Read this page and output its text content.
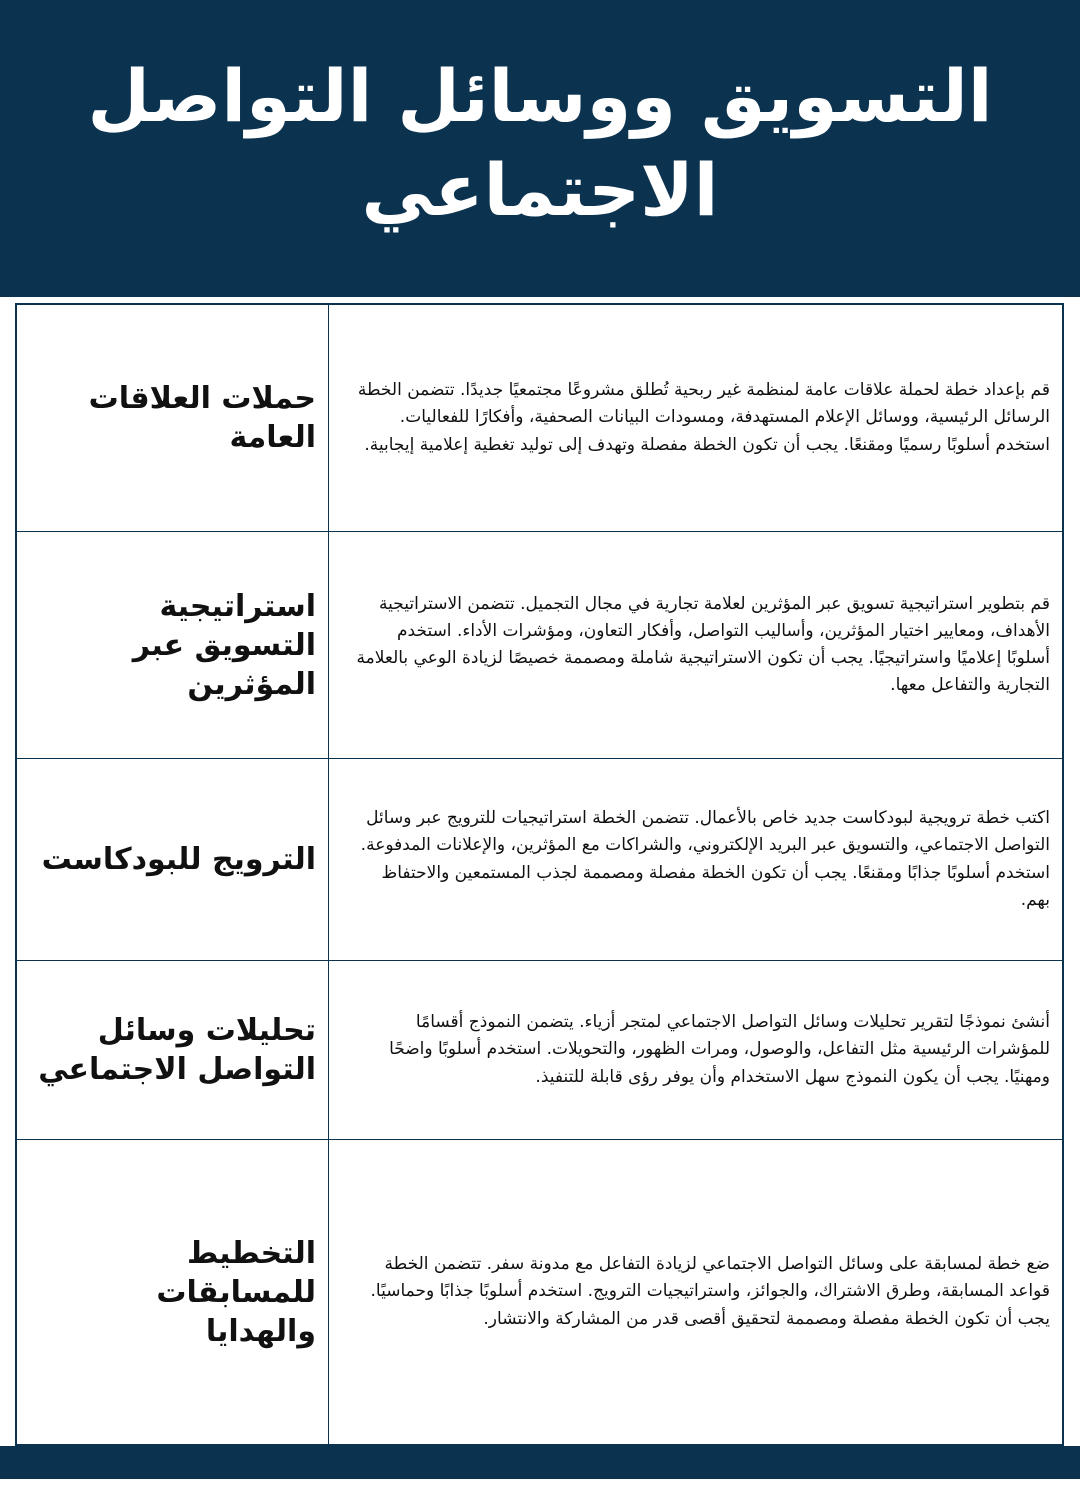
التسويق ووسائل التواصل الاجتماعي

حملات العلاقات العامة

قم بإعداد خطة لحملة علاقات عامة لمنظمة غير ربحية تُطلق مشروعًا مجتمعيًا جديدًا. تتضمن الخطة الرسائل الرئيسية، ووسائل الإعلام المستهدفة، ومسودات البيانات الصحفية، وأفكارًا للفعاليات. استخدم أسلوبًا رسميًا ومقنعًا. يجب أن تكون الخطة مفصلة وتهدف إلى توليد تغطية إعلامية إيجابية.

استراتيجية التسويق عبر المؤثرين

قم بتطوير استراتيجية تسويق عبر المؤثرين لعلامة تجارية في مجال التجميل. تتضمن الاستراتيجية الأهداف، ومعايير اختيار المؤثرين، وأساليب التواصل، وأفكار التعاون، ومؤشرات الأداء. استخدم أسلوبًا إعلاميًا واستراتيجيًا. يجب أن تكون الاستراتيجية شاملة ومصممة خصيصًا لزيادة الوعي بالعلامة التجارية والتفاعل معها.

الترويج للبودكاست

اكتب خطة ترويجية لبودكاست جديد خاص بالأعمال. تتضمن الخطة استراتيجيات للترويج عبر وسائل التواصل الاجتماعي، والتسويق عبر البريد الإلكتروني، والشراكات مع المؤثرين، والإعلانات المدفوعة. استخدم أسلوبًا جذابًا ومقنعًا. يجب أن تكون الخطة مفصلة ومصممة لجذب المستمعين والاحتفاظ بهم.

تحليلات وسائل التواصل الاجتماعي

أنشئ نموذجًا لتقرير تحليلات وسائل التواصل الاجتماعي لمتجر أزياء. يتضمن النموذج أقسامًا للمؤشرات الرئيسية مثل التفاعل، والوصول، ومرات الظهور، والتحويلات. استخدم أسلوبًا واضحًا ومهنيًا. يجب أن يكون النموذج سهل الاستخدام وأن يوفر رؤى قابلة للتنفيذ.

التخطيط للمسابقات والهدايا

ضع خطة لمسابقة على وسائل التواصل الاجتماعي لزيادة التفاعل مع مدونة سفر. تتضمن الخطة قواعد المسابقة، وطرق الاشتراك، والجوائز، واستراتيجيات الترويج. استخدم أسلوبًا جذابًا وحماسيًا. يجب أن تكون الخطة مفصلة ومصممة لتحقيق أقصى قدر من المشاركة والانتشار.
